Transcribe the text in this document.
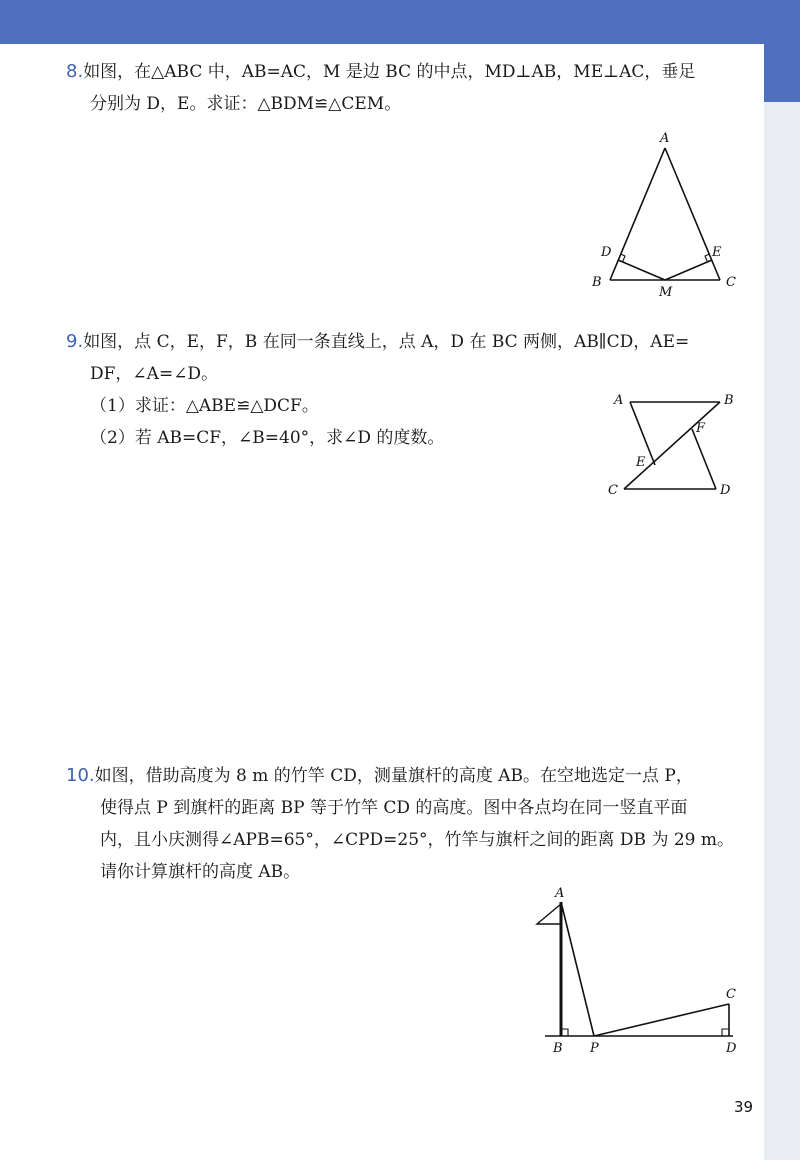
8.如图，在△ABC 中，AB=AC，M 是边 BC 的中点，MD⊥AB，ME⊥AC，垂足
分别为 D，E。求证：△BDM≌△CEM。
A
B	C
D	E
M
9.如图，点 C，E，F，B 在同一条直线上，点 A，D 在 BC 两侧，AB∥CD，AE=
DF，∠A=∠D。
（1）求证：△ABE≌△DCF。
（2）若 AB=CF，∠B=40°，求∠D 的度数。
A	B
C	D
E
F
10.如图，借助高度为 8 m 的竹竿 CD，测量旗杆的高度 AB。在空地选定一点 P，
使得点 P 到旗杆的距离 BP 等于竹竿 CD 的高度。图中各点均在同一竖直平面
内，且小庆测得∠APB=65°，∠CPD=25°，竹竿与旗杆之间的距离 DB 为 29 m。
请你计算旗杆的高度 AB。
A
B P
C
D
39
